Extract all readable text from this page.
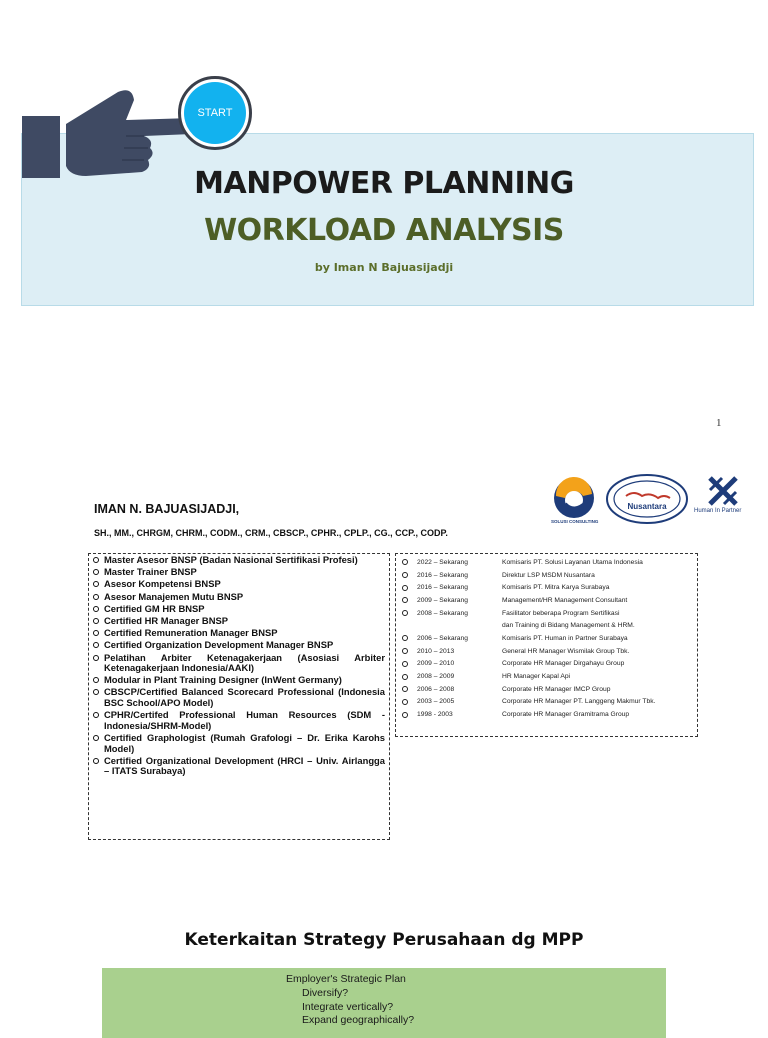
START
MANPOWER PLANNING
WORKLOAD ANALYSIS
by Iman N Bajuasijadji
1
IMAN N. BAJUASIJADJI,
SH., MM., CHRGM, CHRM., CODM., CRM., CBSCP., CPHR., CPLP., CG., CCP., CODP.
SOLUSI CONSULTING
Nusantara	Human In Partner
Master Asesor BNSP (Badan Nasional Sertifikasi Profesi)
Master Trainer BNSP
Asesor Kompetensi BNSP
Asesor Manajemen Mutu BNSP
Certified GM HR BNSP
Certified HR Manager BNSP
Certified Remuneration Manager BNSP
Certified Organization Development Manager BNSP
Pelatihan Arbiter Ketenagakerjaan (Asosiasi Arbiter Ketenagakerjaan Indonesia/AAKI)
Modular in Plant Training Designer (InWent Germany)
CBSCP/Certified Balanced Scorecard Professional (Indonesia BSC School/APO Model)
CPHR/Certifed Professional Human Resources (SDM - Indonesia/SHRM-Model)
Certified Graphologist (Rumah Grafologi – Dr. Erika Karohs Model)
Certified Organizational Development (HRCI – Univ. Airlangga – ITATS Surabaya)
2022 – Sekarang	Komisaris PT. Solusi Layanan Utama Indonesia
2016 – Sekarang	Direktur LSP MSDM Nusantara
2016 – Sekarang	Komisaris PT. Mitra Karya Surabaya
2009 – Sekarang	Management/HR Management Consultant
2008 – Sekarang	Fasilitator beberapa Program Sertifikasi
dan Training di Bidang Management & HRM.
2006 – Sekarang	Komisaris PT. Human in Partner Surabaya
2010 – 2013	General HR Manager Wismilak Group Tbk.
2009 – 2010	Corporate HR Manager Dirgahayu Group
2008 – 2009	HR Manager Kapal Api
2006 – 2008	Corporate HR Manager IMCP Group
2003 – 2005	Corporate HR Manager PT. Langgeng Makmur Tbk.
1998 - 2003	Corporate HR Manager Gramitrama Group
Keterkaitan Strategy Perusahaan dg MPP
Employer's Strategic Plan
Diversify?
Integrate vertically?
Expand geographically?
